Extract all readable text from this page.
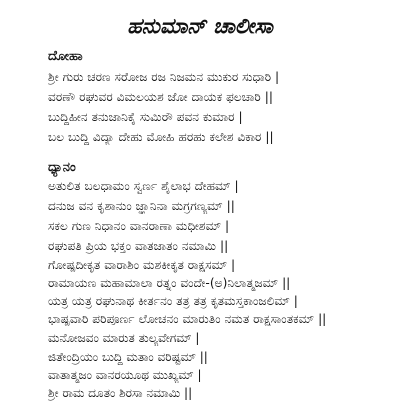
ಹನುಮಾನ್ ಚಾಲೀಸಾ
ದೋಹಾ
ಶ್ರೀ ಗುರು ಚರಣ ಸರೋಜ ರಜ ನಿಜಮನ ಮುಕುರ ಸುಧಾರಿ |
ವರಣೌ ರಘುವರ ವಿಮಲಯಶ ಜೋ ದಾಯಕ ಫಲಚಾರಿ ||
ಬುದ್ಧಿಹೀನ ತನುಜಾನಿಕೈ ಸುಮಿರೌ ಪವನ ಕುಮಾರ |
ಬಲ ಬುದ್ಧಿ ವಿದ್ಯಾ ದೇಹು ಮೋಹಿ ಹರಹು ಕಲೇಶ ವಿಕಾರ ||
ಧ್ಯಾನಂ
ಅತುಲಿತ ಬಲಧಾಮಂ ಸ್ವರ್ಣ ಶೈಲಾಭ ದೇಹಮ್ |
ದನುಜ ವನ ಕೃಶಾನುಂ ಜ್ಞಾನಿನಾ ಮಗ್ರಗಣ್ಯಮ್ ||
ಸಕಲ ಗುಣ ನಿಧಾನಂ ವಾನರಾಣಾ ಮಧೀಶಮ್ |
ರಘುಪತಿ ಪ್ರಿಯ ಭಕ್ತಂ ವಾತಜಾತಂ ನಮಾಮಿ ||
ಗೋಷ್ಪದೀಕೃತ ವಾರಾಶಿಂ ಮಶಕೀಕೃತ ರಾಕ್ಷಸಮ್ |
ರಾಮಾಯಣ ಮಹಾಮಾಲಾ ರತ್ನಂ ವಂದೇ-(ಅ)ನಿಲಾತ್ಮಜಮ್ ||
ಯತ್ರ ಯತ್ರ ರಘುನಾಥ ಕೀರ್ತನಂ ತತ್ರ ತತ್ರ ಕೃತಮಸ್ತಕಾಂಜಲಿಮ್ |
ಭಾಷ್ಪವಾರಿ ಪರಿಪೂರ್ಣ ಲೋಚನಂ ಮಾರುತಿಂ ನಮತ ರಾಕ್ಷಸಾಂತಕಮ್ ||
ಮನೋಜವಂ ಮಾರುತ ತುಲ್ಯವೇಗಮ್ |
ಜಿತೇಂದ್ರಿಯಂ ಬುದ್ಧಿ ಮತಾಂ ವರಿಷ್ಟಮ್ ||
ವಾತಾತ್ಮಜಂ ವಾನರಯೂಥ ಮುಖ್ಯಮ್ |
ಶ್ರೀ ರಾಮ ದೂತಂ ಶಿರಸಾ ನಮಾಮಿ ||
